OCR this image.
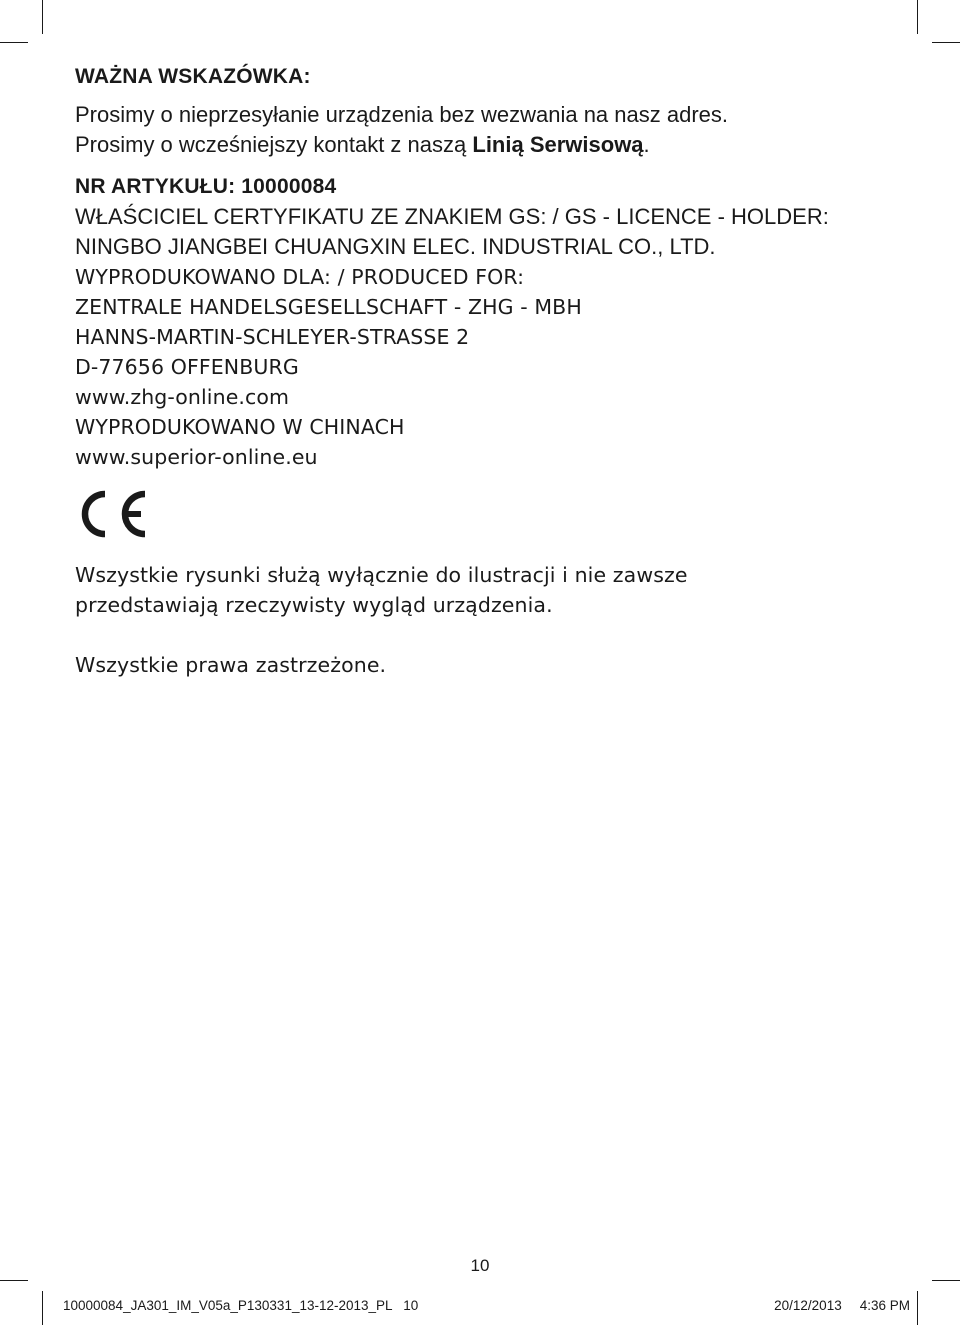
WAŻNA WSKAZÓWKA:

Prosimy o nieprzesyłanie urządzenia bez wezwania na nasz adres.

Prosimy o wcześniejszy kontakt z naszą Linią Serwisową.

NR ARTYKUŁU: 10000084

WŁAŚCICIEL CERTYFIKATU ZE ZNAKIEM GS: / GS - LICENCE - HOLDER:

NINGBO JIANGBEI CHUANGXIN ELEC. INDUSTRIAL CO., LTD.

WYPRODUKOWANO DLA: / PRODUCED FOR:

ZENTRALE HANDELSGESELLSCHAFT - ZHG - MBH

HANNS-MARTIN-SCHLEYER-STRASSE 2

D-77656 OFFENBURG

www.zhg-online.com

WYPRODUKOWANO W CHINACH

www.superior-online.eu

Wszystkie rysunki służą wyłącznie do ilustracji i nie zawsze

przedstawiają rzeczywisty wygląd urządzenia.

Wszystkie prawa zastrzeżone.

10
10000084_JA301_IM_V05a_P130331_13-12-2013_PL   10	20/12/2013 4:36 PM
